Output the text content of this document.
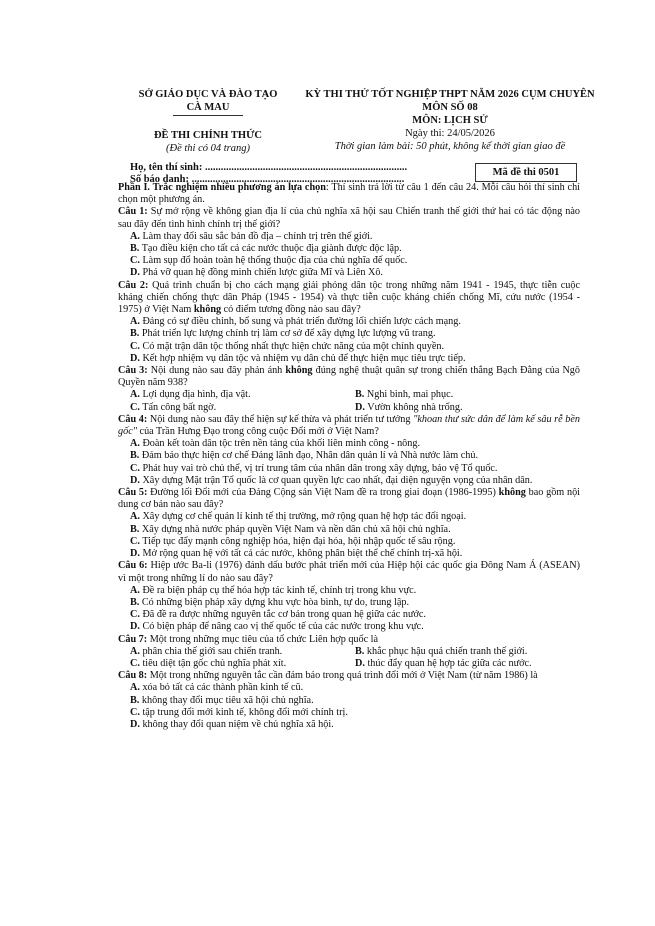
SỞ GIÁO DỤC VÀ ĐÀO TẠO
CÀ MAU
ĐỀ THI CHÍNH THỨC
(Đề thi có 04 trang)
KỲ THI THỬ TỐT NGHIỆP THPT NĂM 2026 CỤM CHUYÊN
MÔN SỐ 08
MÔN: LỊCH SỬ
Ngày thi: 24/05/2026
Thời gian làm bài: 50 phút, không kể thời gian giao đề
Họ, tên thí sinh: .............................................................................
Số báo danh: .................................................................................
Mã đề thi 0501

Phần I. Trắc nghiệm nhiều phương án lựa chọn: Thí sinh trả lời từ câu 1 đến câu 24. Mỗi câu hỏi thí sinh chỉ chọn một phương án.

Câu 1: Sự mở rộng về không gian địa lí của chủ nghĩa xã hội sau Chiến tranh thế giới thứ hai có tác động nào sau đây đến tình hình chính trị thế giới?

A. Làm thay đổi sâu sắc bản đồ địa – chính trị trên thế giới.

B. Tạo điều kiện cho tất cả các nước thuộc địa giành được độc lập.

C. Làm sụp đổ hoàn toàn hệ thống thuộc địa của chủ nghĩa đế quốc.

D. Phá vỡ quan hệ đồng minh chiến lược giữa Mĩ và Liên Xô.

Câu 2: Quá trình chuẩn bị cho cách mạng giải phóng dân tộc trong những năm 1941 - 1945, thực tiễn cuộc kháng chiến chống thực dân Pháp (1945 - 1954) và thực tiễn cuộc kháng chiến chống Mĩ, cứu nước (1954 - 1975) ở Việt Nam không có điểm tương đồng nào sau đây?

A. Đảng có sự điều chỉnh, bổ sung và phát triển đường lối chiến lược cách mạng.

B. Phát triển lực lượng chính trị làm cơ sở để xây dựng lực lượng vũ trang.

C. Có mặt trận dân tộc thống nhất thực hiện chức năng của một chính quyền.

D. Kết hợp nhiệm vụ dân tộc và nhiệm vụ dân chủ để thực hiện mục tiêu trực tiếp.

Câu 3: Nội dung nào sau đây phản ánh không đúng nghệ thuật quân sự trong chiến thắng Bạch Đằng của Ngô Quyền năm 938?

A. Lợi dụng địa hình, địa vật.	B. Nghi binh, mai phục.
C. Tấn công bất ngờ.	D. Vườn không nhà trống.

Câu 4: Nội dung nào sau đây thể hiện sự kế thừa và phát triển tư tưởng "khoan thư sức dân để làm kế sâu rễ bền gốc" của Trần Hưng Đạo trong công cuộc Đổi mới ở Việt Nam?

A. Đoàn kết toàn dân tộc trên nền tảng của khối liên minh công - nông.

B. Đảm bảo thực hiện cơ chế Đảng lãnh đạo, Nhân dân quản lí và Nhà nước làm chủ.

C. Phát huy vai trò chủ thể, vị trí trung tâm của nhân dân trong xây dựng, bảo vệ Tổ quốc.

D. Xây dựng Mặt trận Tổ quốc là cơ quan quyền lực cao nhất, đại diện nguyện vọng của nhân dân.

Câu 5: Đường lối Đổi mới của Đảng Cộng sản Việt Nam đề ra trong giai đoạn (1986-1995) không bao gồm nội dung cơ bản nào sau đây?

A. Xây dựng cơ chế quản lí kinh tế thị trường, mở rộng quan hệ hợp tác đối ngoại.

B. Xây dựng nhà nước pháp quyền Việt Nam và nền dân chủ xã hội chủ nghĩa.

C. Tiếp tục đẩy mạnh công nghiệp hóa, hiện đại hóa, hội nhập quốc tế sâu rộng.

D. Mở rộng quan hệ với tất cả các nước, không phân biệt thể chế chính trị-xã hội.

Câu 6: Hiệp ước Ba-li (1976) đánh dấu bước phát triển mới của Hiệp hội các quốc gia Đông Nam Á (ASEAN) vì một trong những lí do nào sau đây?

A. Đề ra biện pháp cụ thể hóa hợp tác kinh tế, chính trị trong khu vực.

B. Có những biện pháp xây dựng khu vực hòa bình, tự do, trung lập.

C. Đã đề ra được những nguyên tắc cơ bản trong quan hệ giữa các nước.

D. Có biện pháp để nâng cao vị thế quốc tế của các nước trong khu vực.

Câu 7: Một trong những mục tiêu của tổ chức Liên hợp quốc là

A. phân chia thế giới sau chiến tranh.	B. khắc phục hậu quả chiến tranh thế giới.
C. tiêu diệt tận gốc chủ nghĩa phát xít.	D. thúc đẩy quan hệ hợp tác giữa các nước.

Câu 8: Một trong những nguyên tắc cần đảm bảo trong quá trình đổi mới ở Việt Nam (từ năm 1986) là

A. xóa bỏ tất cả các thành phần kinh tế cũ.

B. không thay đổi mục tiêu xã hội chủ nghĩa.

C. tập trung đổi mới kinh tế, không đổi mới chính trị.

D. không thay đổi quan niệm về chủ nghĩa xã hội.
